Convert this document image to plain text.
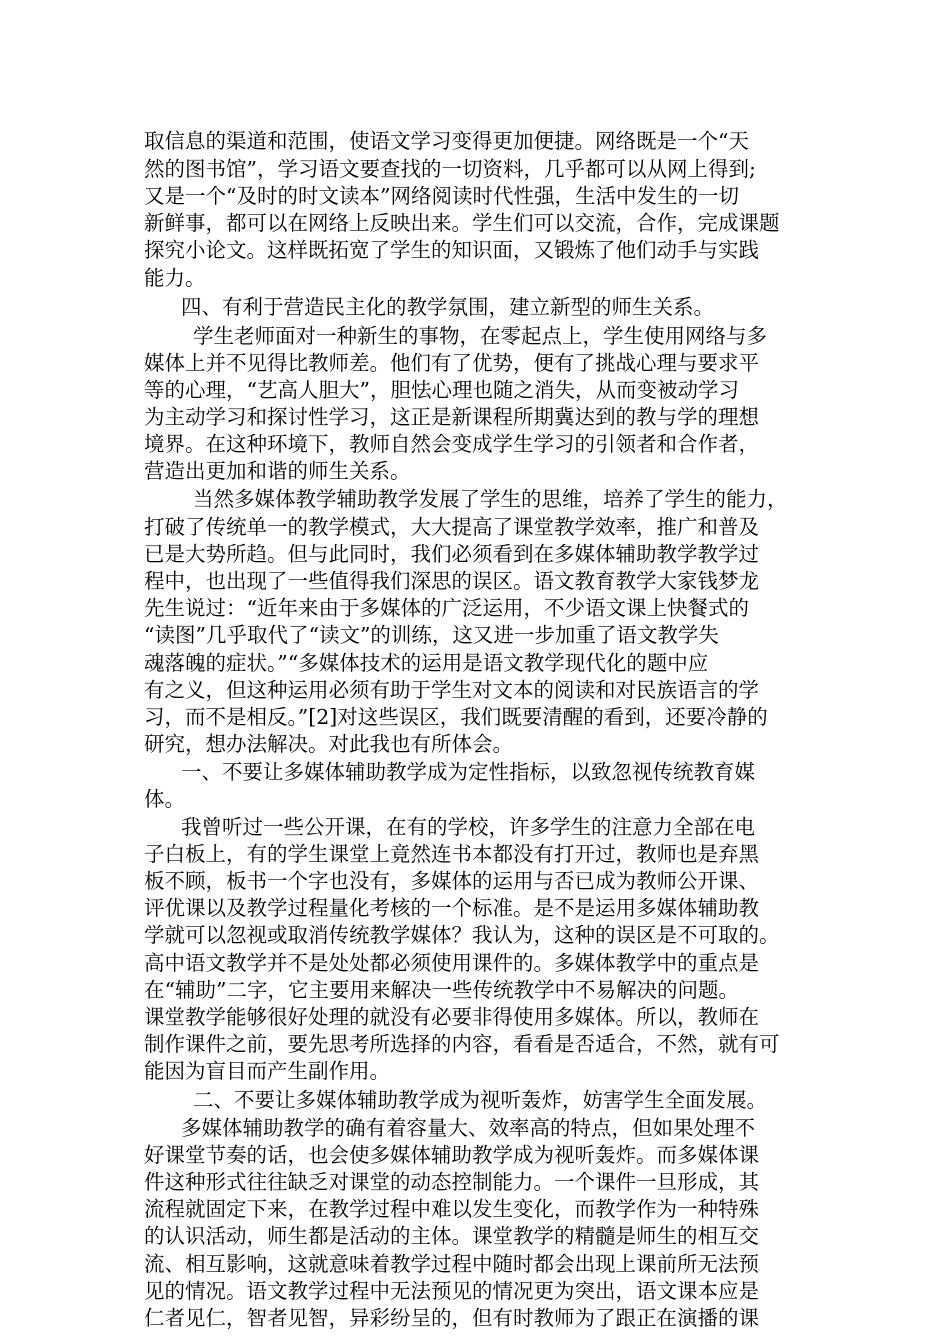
取信息的渠道和范围，使语文学习变得更加便捷。网络既是一个“天
然的图书馆”，学习语文要查找的一切资料，几乎都可以从网上得到;
又是一个“及时的时文读本”网络阅读时代性强，生活中发生的一切
新鲜事，都可以在网络上反映出来。学生们可以交流，合作，完成课题
探究小论文。这样既拓宽了学生的知识面，又锻炼了他们动手与实践
能力。
四、有利于营造民主化的教学氛围，建立新型的师生关系。
学生老师面对一种新生的事物，在零起点上，学生使用网络与多
媒体上并不见得比教师差。他们有了优势，便有了挑战心理与要求平
等的心理，“艺高人胆大”，胆怯心理也随之消失，从而变被动学习
为主动学习和探讨性学习，这正是新课程所期冀达到的教与学的理想
境界。在这种环境下，教师自然会变成学生学习的引领者和合作者，
营造出更加和谐的师生关系。
当然多媒体教学辅助教学发展了学生的思维，培养了学生的能力，
打破了传统单一的教学模式，大大提高了课堂教学效率，推广和普及
已是大势所趋。但与此同时，我们必须看到在多媒体辅助教学教学过
程中，也出现了一些值得我们深思的误区。语文教育教学大家钱梦龙
先生说过：“近年来由于多媒体的广泛运用，不少语文课上快餐式的
“读图”几乎取代了“读文”的训练，这又进一步加重了语文教学失
魂落魄的症状。”“多媒体技术的运用是语文教学现代化的题中应
有之义，但这种运用必须有助于学生对文本的阅读和对民族语言的学
习，而不是相反。”[2]对这些误区，我们既要清醒的看到，还要冷静的
研究，想办法解决。对此我也有所体会。
一、不要让多媒体辅助教学成为定性指标，以致忽视传统教育媒
体。
我曾听过一些公开课，在有的学校，许多学生的注意力全部在电
子白板上，有的学生课堂上竟然连书本都没有打开过，教师也是弃黑
板不顾，板书一个字也没有，多媒体的运用与否已成为教师公开课、
评优课以及教学过程量化考核的一个标准。是不是运用多媒体辅助教
学就可以忽视或取消传统教学媒体？我认为，这种的误区是不可取的。
高中语文教学并不是处处都必须使用课件的。多媒体教学中的重点是
在“辅助”二字，它主要用来解决一些传统教学中不易解决的问题。
课堂教学能够很好处理的就没有必要非得使用多媒体。所以，教师在
制作课件之前，要先思考所选择的内容，看看是否适合，不然，就有可
能因为盲目而产生副作用。
二、不要让多媒体辅助教学成为视听轰炸，妨害学生全面发展。
多媒体辅助教学的确有着容量大、效率高的特点，但如果处理不
好课堂节奏的话，也会使多媒体辅助教学成为视听轰炸。而多媒体课
件这种形式往往缺乏对课堂的动态控制能力。一个课件一旦形成，其
流程就固定下来，在教学过程中难以发生变化，而教学作为一种特殊
的认识活动，师生都是活动的主体。课堂教学的精髓是师生的相互交
流、相互影响，这就意味着教学过程中随时都会出现上课前所无法预
见的情况。语文教学过程中无法预见的情况更为突出，语文课本应是
仁者见仁，智者见智，异彩纷呈的，但有时教师为了跟正在演播的课
